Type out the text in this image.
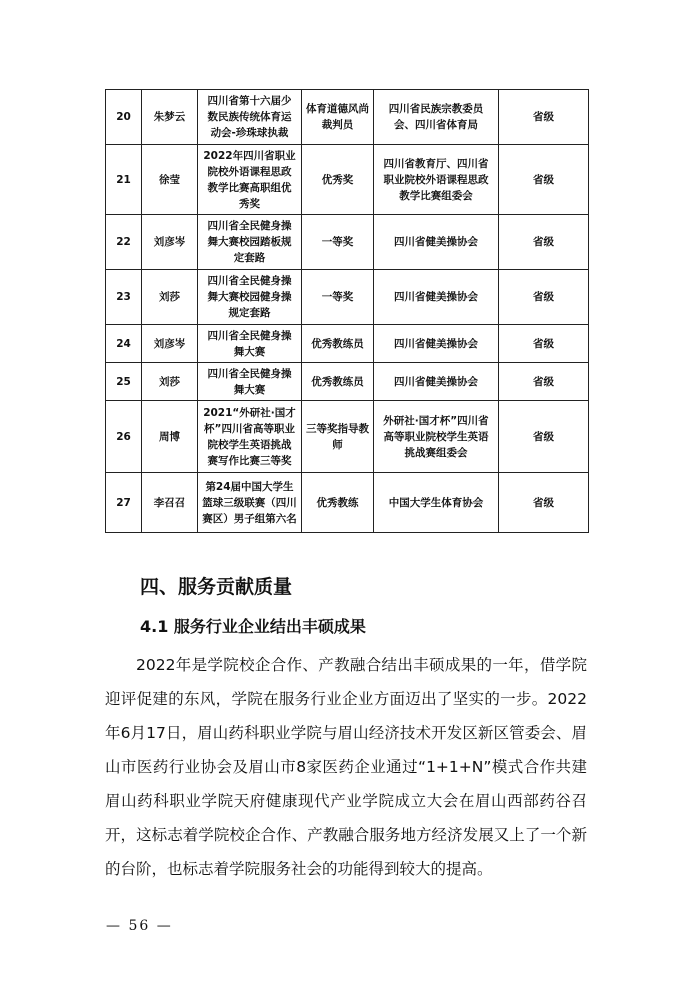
20	朱梦云	四川省第十六届少
数民族传统体育运
动会-珍珠球执裁	体育道德风尚
裁判员	四川省民族宗教委员
会、四川省体育局	省级
21	徐莹	2022年四川省职业
院校外语课程思政
教学比赛高职组优
秀奖	优秀奖	四川省教育厅、四川省
职业院校外语课程思政
教学比赛组委会	省级
22	刘彦岑	四川省全民健身操
舞大赛校园踏板规
定套路	一等奖	四川省健美操协会	省级
23	刘莎	四川省全民健身操
舞大赛校园健身操
规定套路	一等奖	四川省健美操协会	省级
24	刘彦岑	四川省全民健身操
舞大赛	优秀教练员	四川省健美操协会	省级
25	刘莎	四川省全民健身操
舞大赛	优秀教练员	四川省健美操协会	省级
26	周博	2021“外研社·国才
杯”四川省高等职业
院校学生英语挑战
赛写作比赛三等奖	三等奖指导教
师	外研社·国才杯”四川省
高等职业院校学生英语
挑战赛组委会	省级
27	李召召	第24届中国大学生
篮球三级联赛（四川
赛区）男子组第六名	优秀教练	中国大学生体育协会	省级
四、服务贡献质量
4.1 服务行业企业结出丰硕成果

2022年是学院校企合作、产教融合结出丰硕成果的一年，借学院迎评促建的东风，学院在服务行业企业方面迈出了坚实的一步。2022年6月17日，眉山药科职业学院与眉山经济技术开发区新区管委会、眉山市医药行业协会及眉山市8家医药企业通过“1+1+N”模式合作共建眉山药科职业学院天府健康现代产业学院成立大会在眉山西部药谷召开，这标志着学院校企合作、产教融合服务地方经济发展又上了一个新的台阶，也标志着学院服务社会的功能得到较大的提高。

— 56 —
